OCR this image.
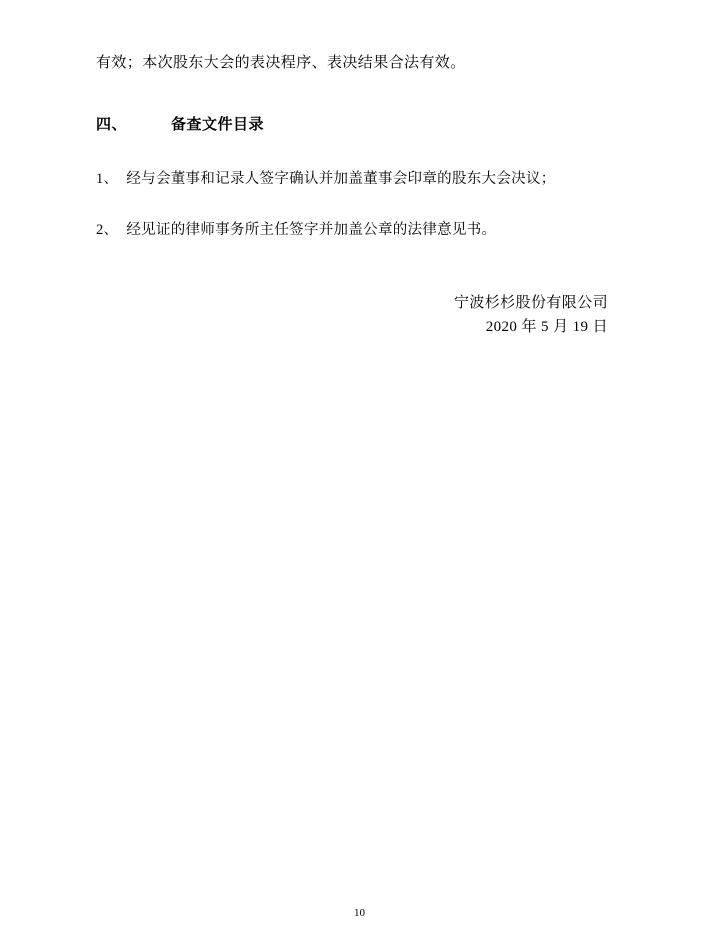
有效；本次股东大会的表决程序、表决结果合法有效。

四、	备查文件目录

1、 经与会董事和记录人签字确认并加盖董事会印章的股东大会决议；

2、 经见证的律师事务所主任签字并加盖公章的法律意见书。

宁波杉杉股份有限公司
2020 年 5 月 19 日
10
